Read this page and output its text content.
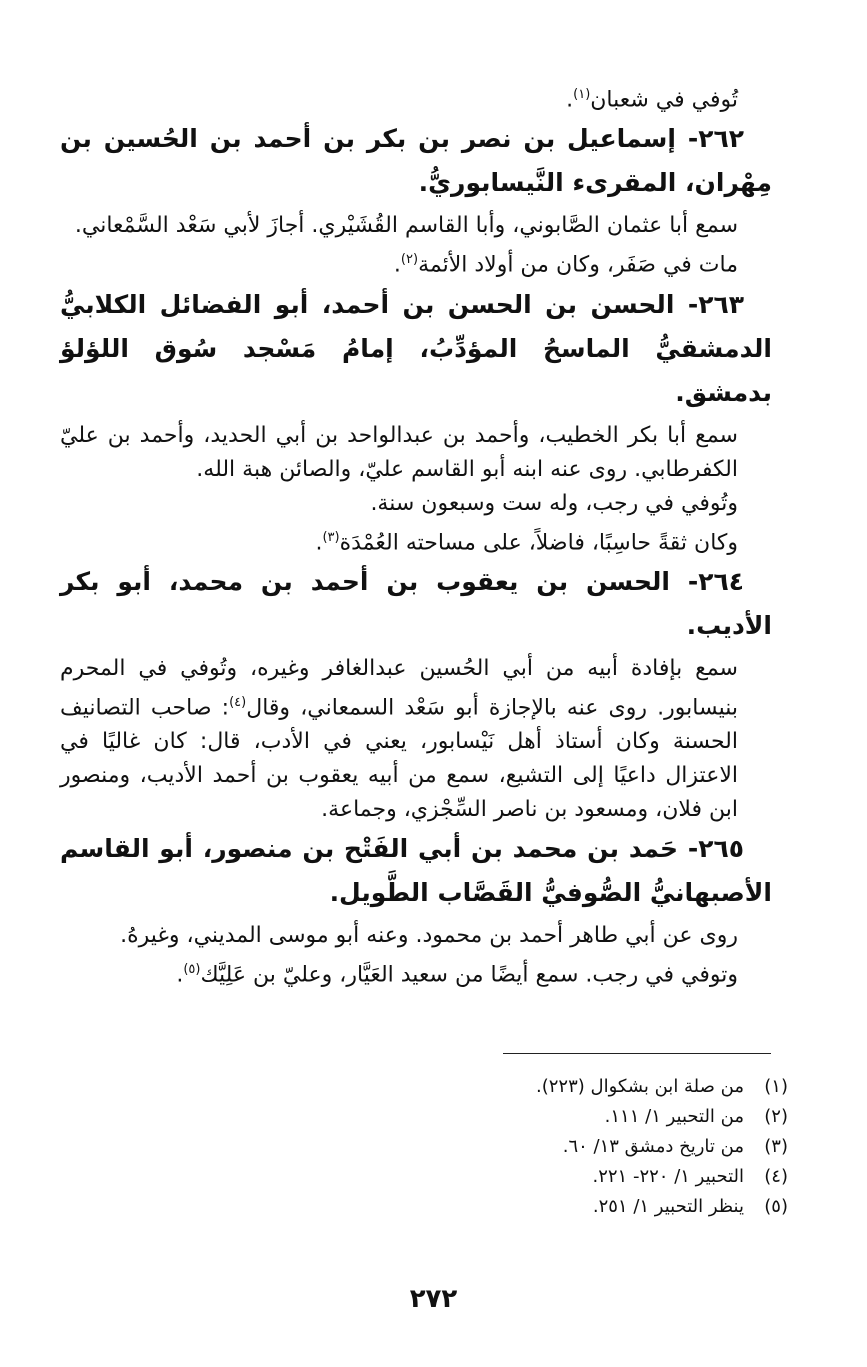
تُوفي في شعبان$^{(١)}$.

٢٦٢- إسماعيل بن نصر بن بكر بن أحمد بن الحُسين بن مِهْران، المقرىء النَّيسابوريُّ.

سمع أبا عثمان الصَّابوني، وأبا القاسم القُشَيْري. أجازَ لأبي سَعْد السَّمْعاني.

مات في صَفَر، وكان من أولاد الأئمة$^{(٢)}$.

٢٦٣- الحسن بن الحسن بن أحمد، أبو الفضائل الكلابيُّ الدمشقيُّ الماسحُ المؤدِّبُ، إمامُ مَسْجد سُوق اللؤلؤ بدمشق.

سمع أبا بكر الخطيب، وأحمد بن عبدالواحد بن أبي الحديد، وأحمد بن عليّ الكفرطابي. روى عنه ابنه أبو القاسم عليّ، والصائن هبة الله.

وتُوفي في رجب، وله ست وسبعون سنة.

وكان ثقةً حاسِبًا، فاضلاً، على مساحته العُمْدَة$^{(٣)}$.

٢٦٤- الحسن بن يعقوب بن أحمد بن محمد، أبو بكر الأديب.

سمع بإفادة أبيه من أبي الحُسين عبدالغافر وغيره، وتُوفي في المحرم بنيسابور. روى عنه بالإجازة أبو سَعْد السمعاني، وقال$^{(٤)}$: صاحب التصانيف الحسنة وكان أستاذ أهل نَيْسابور، يعني في الأدب، قال: كان غاليًا في الاعتزال داعيًا إلى التشيع، سمع من أبيه يعقوب بن أحمد الأديب، ومنصور ابن فلان، ومسعود بن ناصر السِّجْزي، وجماعة.

٢٦٥- حَمد بن محمد بن أبي الفَتْح بن منصور، أبو القاسم الأصبهانيُّ الصُّوفيُّ القَصَّاب الطَّويل.

روى عن أبي طاهر أحمد بن محمود. وعنه أبو موسى المديني، وغيرهُ.

وتوفي في رجب. سمع أيضًا من سعيد العَيَّار، وعليّ بن عَلِيَّك$^{(٥)}$.

(١)من صلة ابن بشكوال (٢٢٣).
(٢)من التحبير ١/ ١١١.
(٣)من تاريخ دمشق ١٣/ ٦٠.
(٤)التحبير ١/ ٢٢٠- ٢٢١.
(٥)ينظر التحبير ١/ ٢٥١.
٢٧٢
